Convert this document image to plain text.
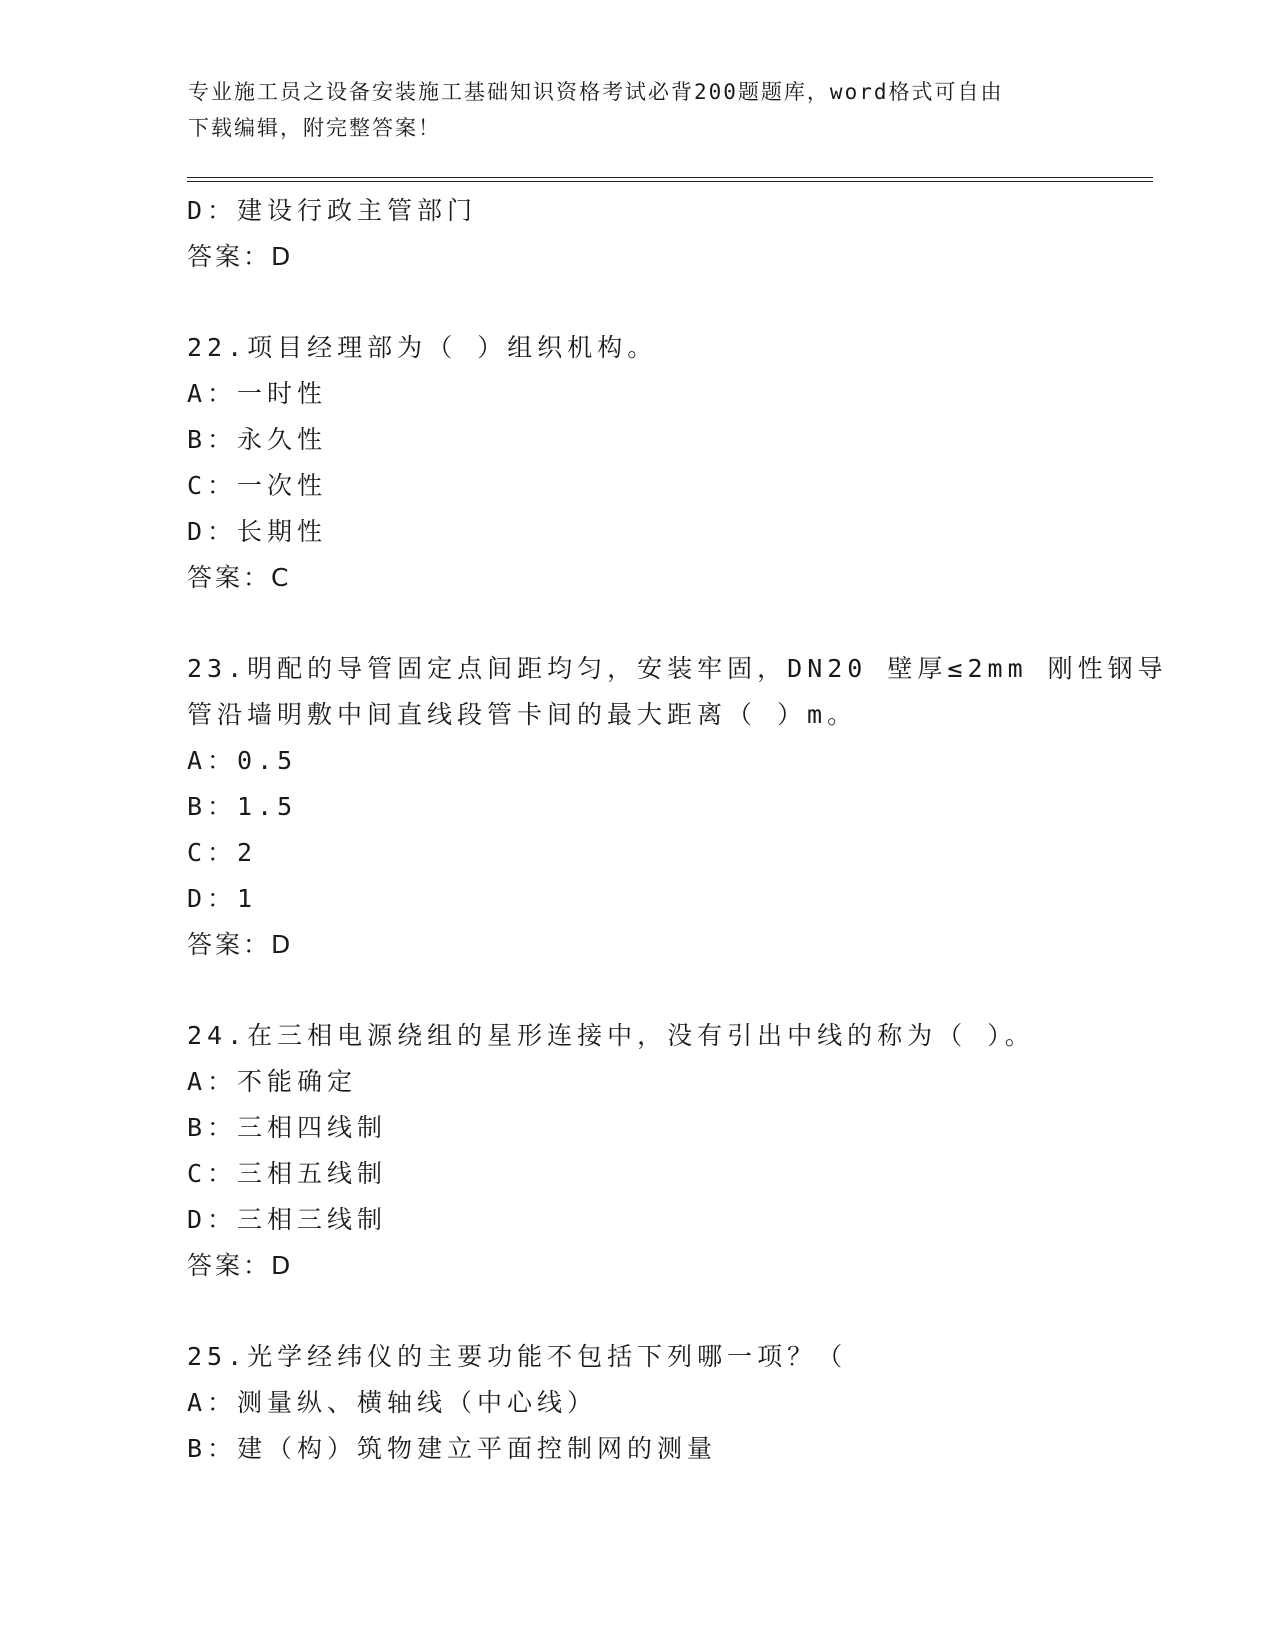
专业施工员之设备安装施工基础知识资格考试必背200题题库，word格式可自由
下载编辑，附完整答案！
D：建设行政主管部门
答案：D
22.项目经理部为（ ）组织机构。
A：一时性
B：永久性
C：一次性
D：长期性
答案：C
23.明配的导管固定点间距均匀，安装牢固，DN20 壁厚≤2mm 刚性钢导
管沿墙明敷中间直线段管卡间的最大距离（ ）m。
A：0.5
B：1.5
C：2
D：1
答案：D
24.在三相电源绕组的星形连接中，没有引出中线的称为（ ）。
A：不能确定
B：三相四线制
C：三相五线制
D：三相三线制
答案：D
25.光学经纬仪的主要功能不包括下列哪一项？（
A：测量纵、横轴线（中心线）
B：建（构）筑物建立平面控制网的测量
